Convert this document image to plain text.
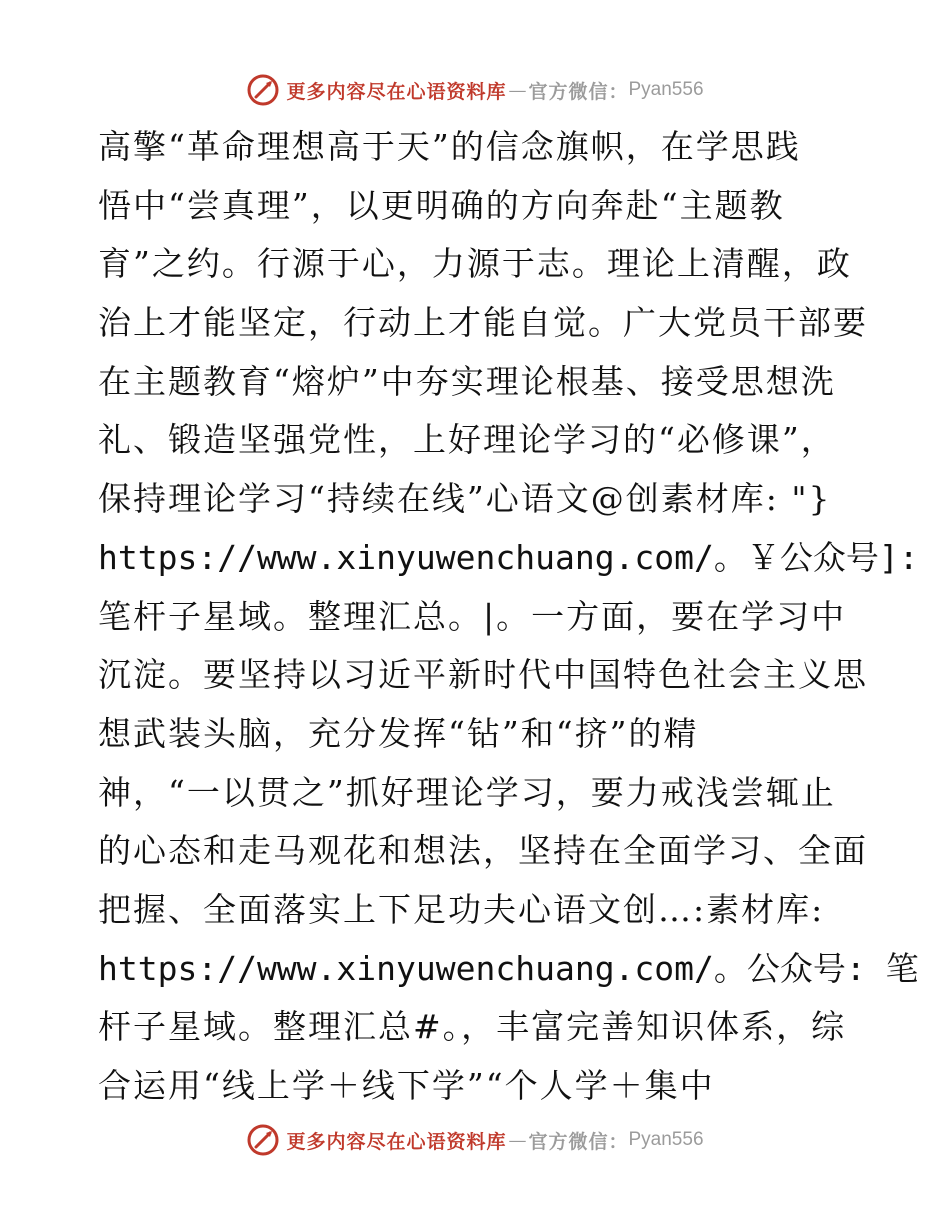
更多内容尽在心语资料库 — 官方微信： Pyan556
高擎“革命理想高于天”的信念旗帜，在学思践
悟中“尝真理”，以更明确的方向奔赴“主题教
育”之约。行源于心，力源于志。理论上清醒，政
治上才能坚定，行动上才能自觉。广大党员干部要
在主题教育“熔炉”中夯实理论根基、接受思想洗
礼、锻造坚强党性，上好理论学习的“必修课”，
保持理论学习“持续在线”心语文@创素材库: "}
https://www.xinyuwenchuang.com/。￥公众号]:
笔杆子星域。整理汇总。|。一方面，要在学习中
沉淀。要坚持以习近平新时代中国特色社会主义思
想武装头脑，充分发挥“钻”和“挤”的精
神，“一以贯之”抓好理论学习，要力戒浅尝辄止
的心态和走马观花和想法，坚持在全面学习、全面
把握、全面落实上下足功夫心语文创…:素材库:
https://www.xinyuwenchuang.com/。公众号: 笔
杆子星域。整理汇总#。，丰富完善知识体系，综
合运用“线上学＋线下学”“个人学＋集中
更多内容尽在心语资料库 — 官方微信： Pyan556
